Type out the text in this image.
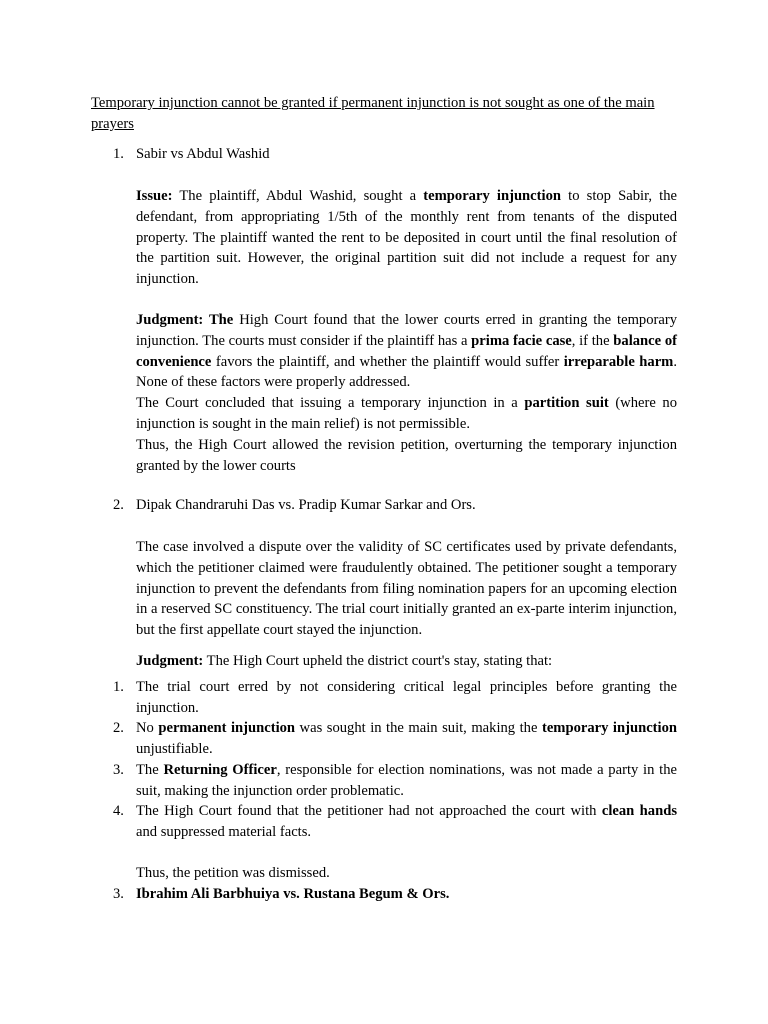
Temporary injunction cannot be granted if permanent injunction is not sought as one of the main prayers
1. Sabir vs Abdul Washid

Issue: The plaintiff, Abdul Washid, sought a temporary injunction to stop Sabir, the defendant, from appropriating 1/5th of the monthly rent from tenants of the disputed property. The plaintiff wanted the rent to be deposited in court until the final resolution of the partition suit. However, the original partition suit did not include a request for any injunction.

Judgment: The High Court found that the lower courts erred in granting the temporary injunction. The courts must consider if the plaintiff has a prima facie case, if the balance of convenience favors the plaintiff, and whether the plaintiff would suffer irreparable harm. None of these factors were properly addressed.

The Court concluded that issuing a temporary injunction in a partition suit (where no injunction is sought in the main relief) is not permissible.

Thus, the High Court allowed the revision petition, overturning the temporary injunction granted by the lower courts

2. Dipak Chandraruhi Das vs. Pradip Kumar Sarkar and Ors.

The case involved a dispute over the validity of SC certificates used by private defendants, which the petitioner claimed were fraudulently obtained. The petitioner sought a temporary injunction to prevent the defendants from filing nomination papers for an upcoming election in a reserved SC constituency. The trial court initially granted an ex-parte interim injunction, but the first appellate court stayed the injunction.

Judgment: The High Court upheld the district court's stay, stating that:

1. The trial court erred by not considering critical legal principles before granting the injunction.
2. No permanent injunction was sought in the main suit, making the temporary injunction unjustifiable.
3. The Returning Officer, responsible for election nominations, was not made a party in the suit, making the injunction order problematic.
4. The High Court found that the petitioner had not approached the court with clean hands and suppressed material facts.

Thus, the petition was dismissed.

3. Ibrahim Ali Barbhuiya vs. Rustana Begum & Ors.
